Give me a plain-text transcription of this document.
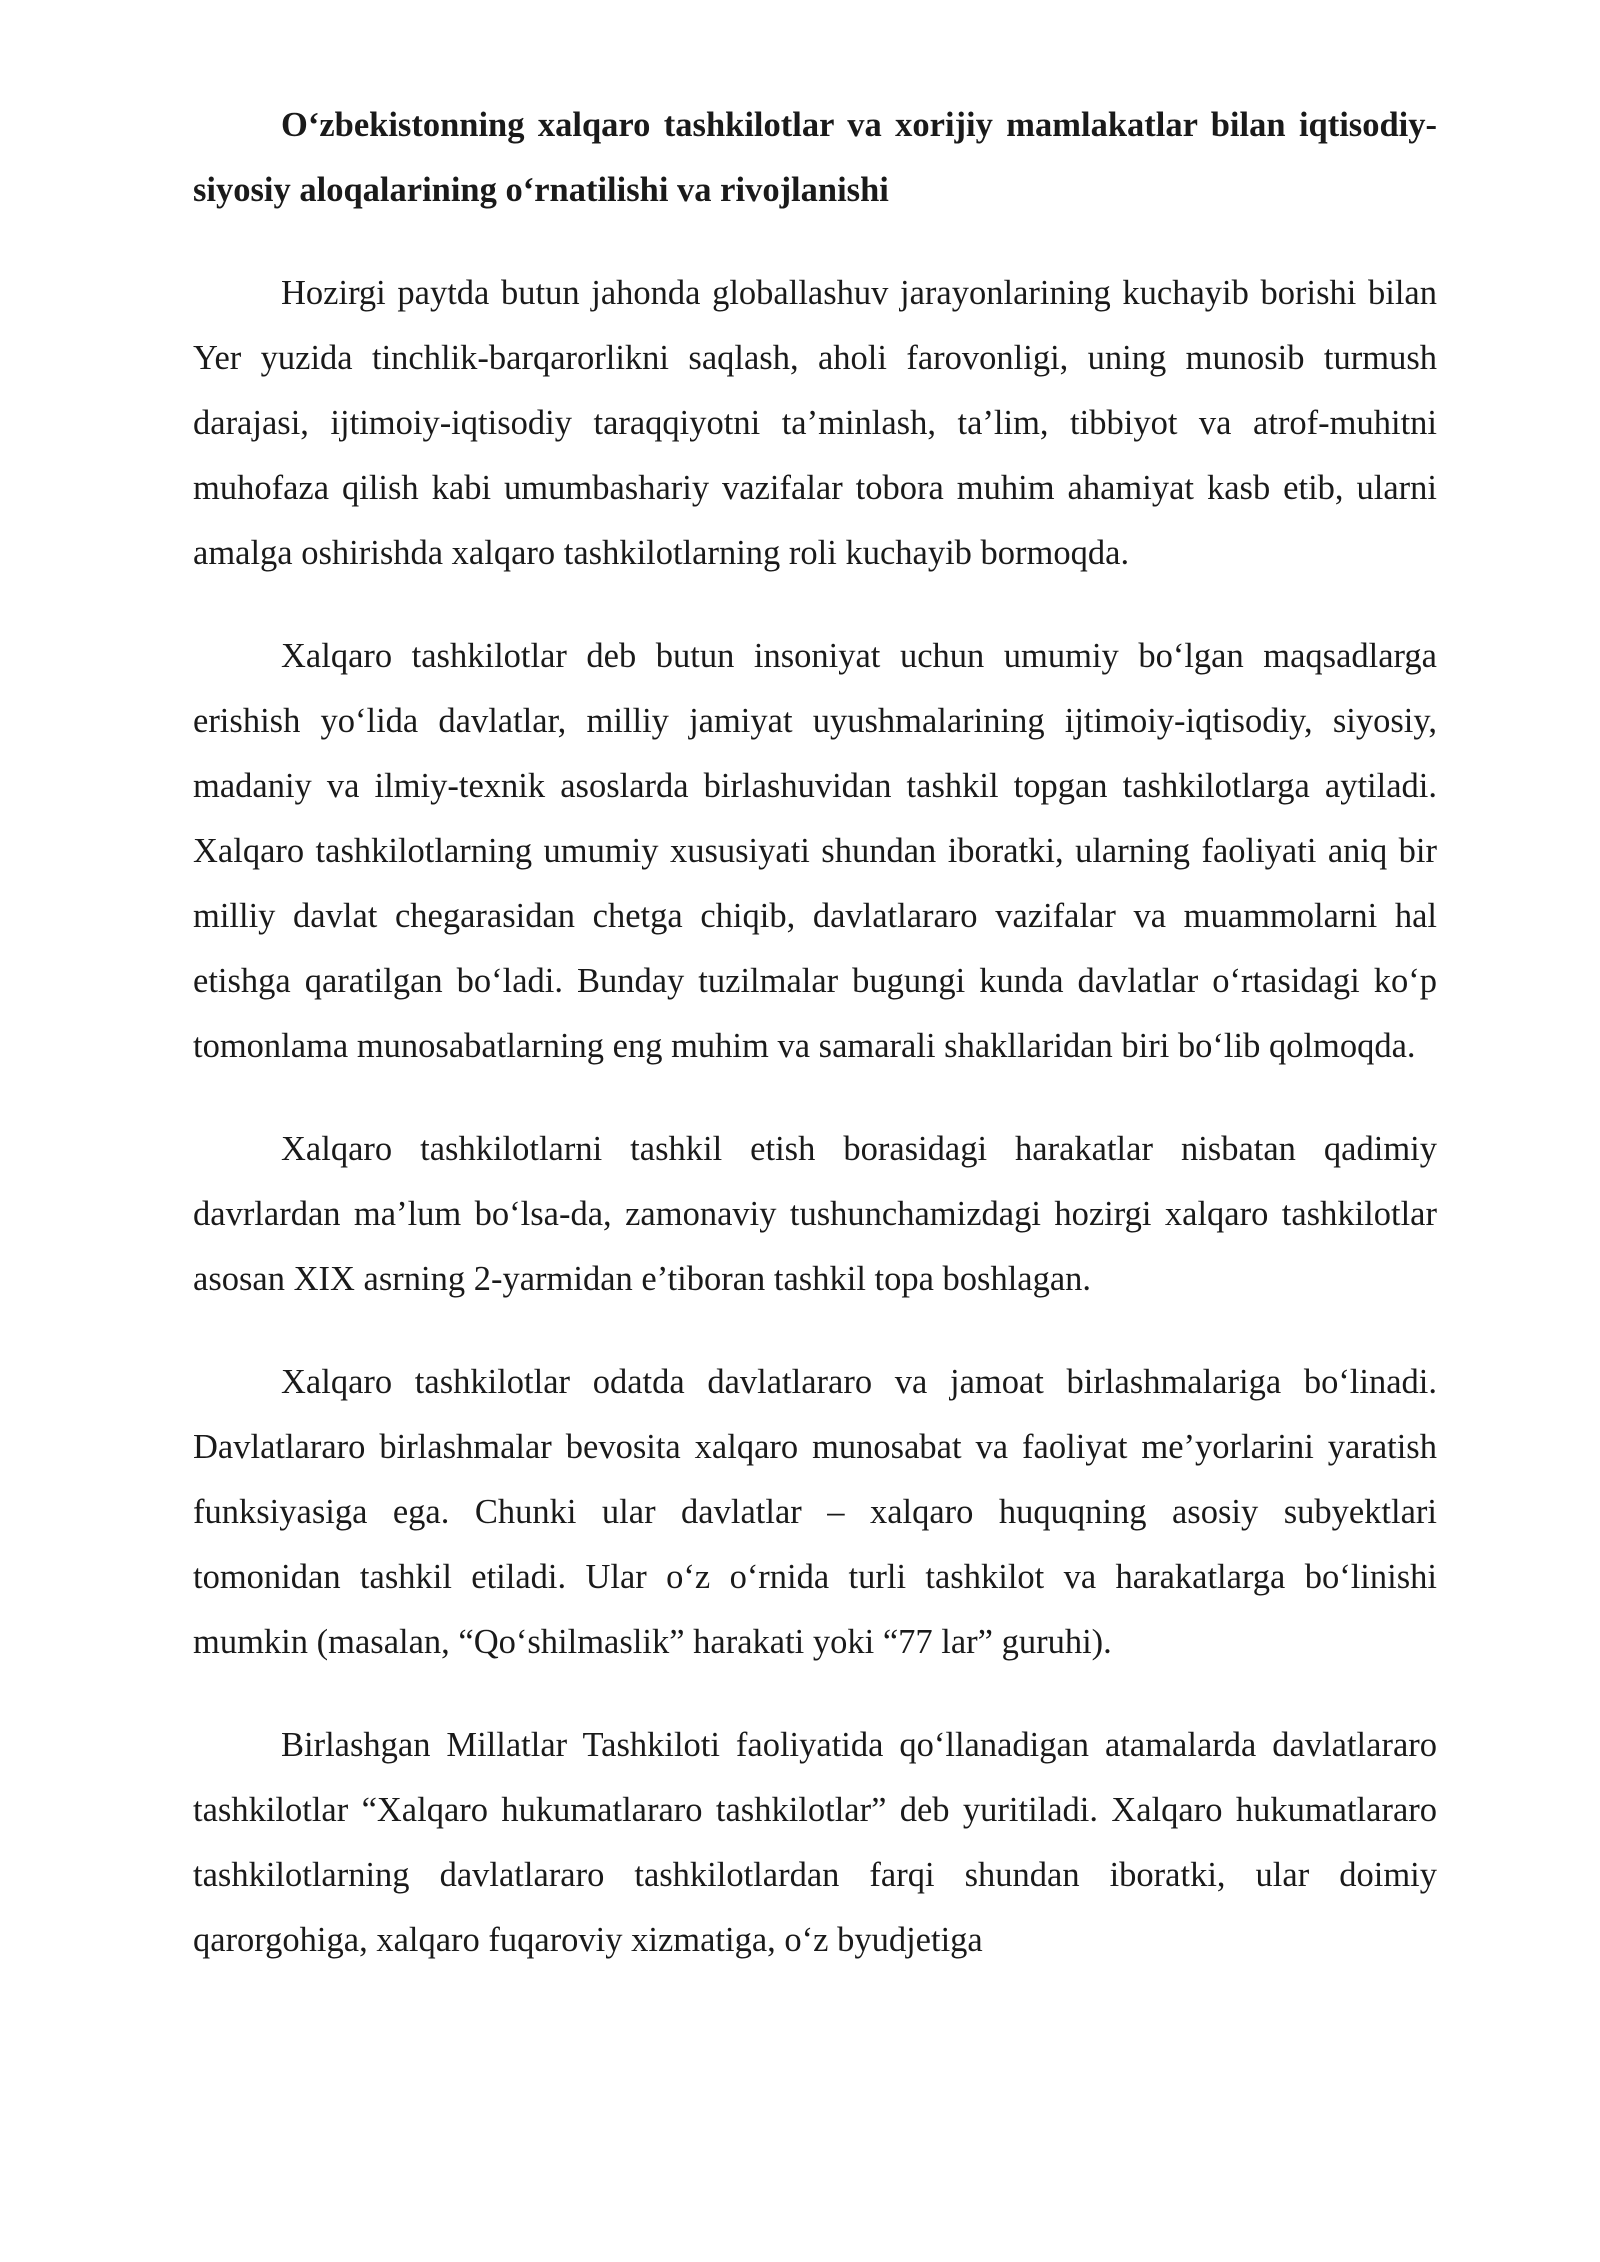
O‘zbekistonning xalqaro tashkilotlar va xorijiy mamlakatlar bilan iqtisodiy-siyosiy aloqalarining o‘rnatilishi va rivojlanishi

Hozirgi paytda butun jahonda globallashuv jarayonlarining kuchayib borishi bilan Yer yuzida tinchlik-barqarorlikni saqlash, aholi farovonligi, uning munosib turmush darajasi, ijtimoiy-iqtisodiy taraqqiyotni ta’minlash, ta’lim, tibbiyot va atrof-muhitni muhofaza qilish kabi umumbashariy vazifalar tobora muhim ahamiyat kasb etib, ularni amalga oshirishda xalqaro tashkilotlarning roli kuchayib bormoqda.

Xalqaro tashkilotlar deb butun insoniyat uchun umumiy bo‘lgan maqsadlarga erishish yo‘lida davlatlar, milliy jamiyat uyushmalarining ijtimoiy-iqtisodiy, siyosiy, madaniy va ilmiy-texnik asoslarda birlashuvidan tashkil topgan tashkilotlarga aytiladi. Xalqaro tashkilotlarning umumiy xususiyati shundan iboratki, ularning faoliyati aniq bir milliy davlat chegarasidan chetga chiqib, davlatlararo vazifalar va muammolarni hal etishga qaratilgan bo‘ladi. Bunday tuzilmalar bugungi kunda davlatlar o‘rtasidagi ko‘p tomonlama munosabatlarning eng muhim va samarali shakllaridan biri bo‘lib qolmoqda.

Xalqaro tashkilotlarni tashkil etish borasidagi harakatlar nisbatan qadimiy davrlardan ma’lum bo‘lsa-da, zamonaviy tushunchamizdagi hozirgi xalqaro tashkilotlar asosan XIX asrning 2-yarmidan e’tiboran tashkil topa boshlagan.

Xalqaro tashkilotlar odatda davlatlararo va jamoat birlashmalariga bo‘linadi. Davlatlararo birlashmalar bevosita xalqaro munosabat va faoliyat me’yorlarini yaratish funksiyasiga ega. Chunki ular davlatlar – xalqaro huquqning asosiy subyektlari tomonidan tashkil etiladi. Ular o‘z o‘rnida turli tashkilot va harakatlarga bo‘linishi mumkin (masalan, “Qo‘shilmaslik” harakati yoki “77 lar” guruhi).

Birlashgan Millatlar Tashkiloti faoliyatida qo‘llanadigan atamalarda davlatlararo tashkilotlar “Xalqaro hukumatlararo tashkilotlar” deb yuritiladi. Xalqaro hukumatlararo tashkilotlarning davlatlararo tashkilotlardan farqi shundan iboratki, ular doimiy qarorgohiga, xalqaro fuqaroviy xizmatiga, o‘z byudjetiga
